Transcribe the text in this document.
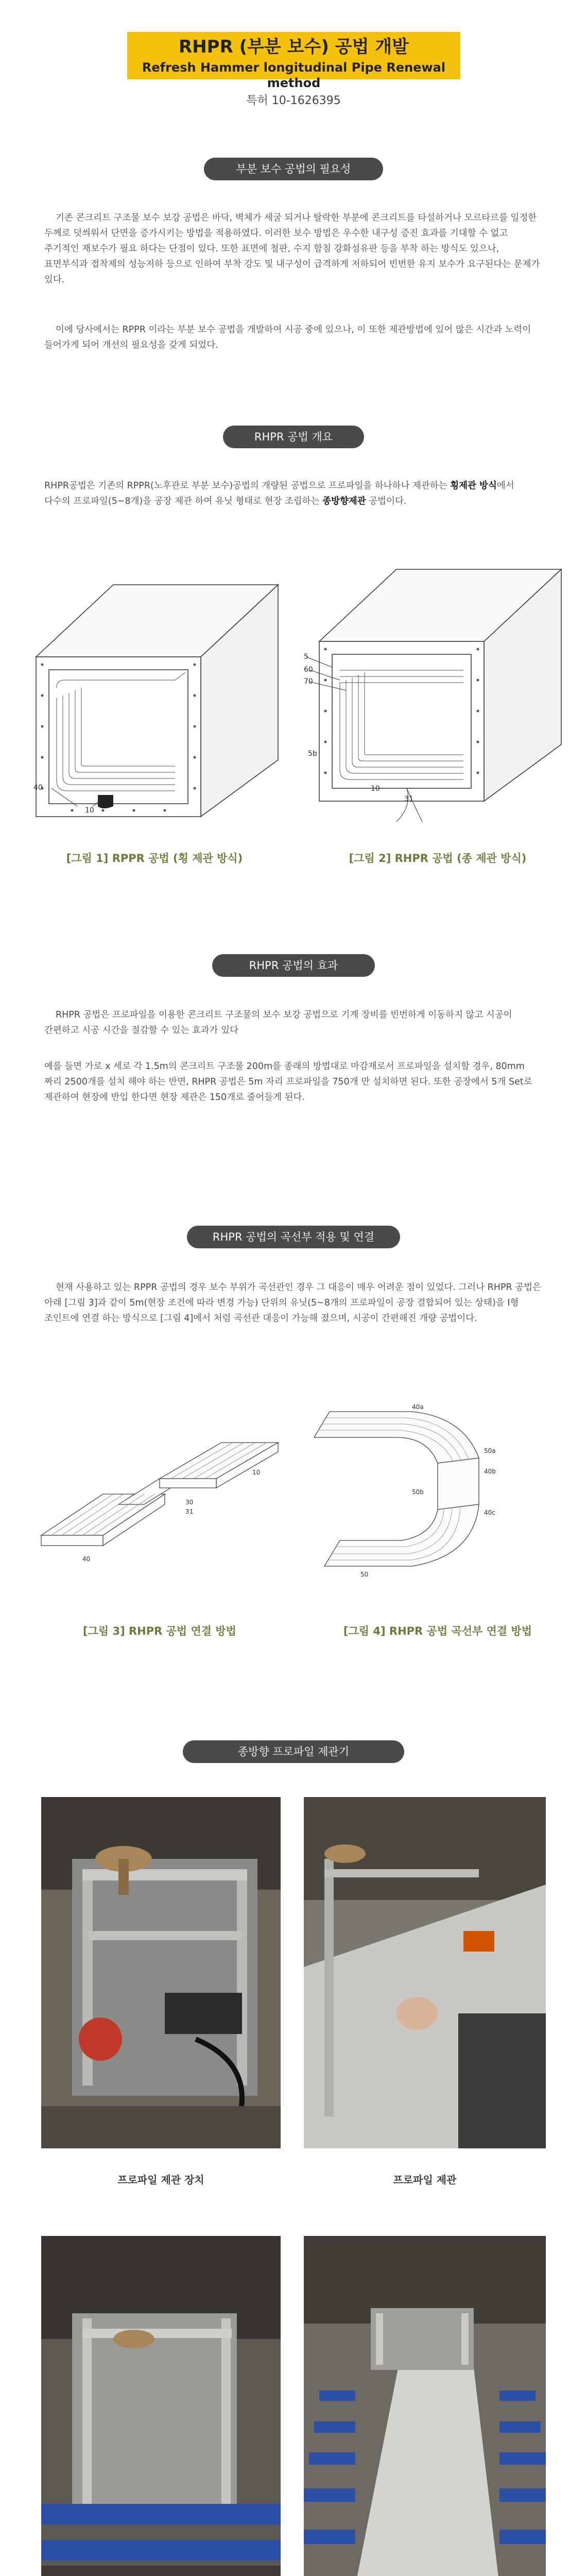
RHPR (부분 보수) 공법 개발
Refresh Hammer longitudinal Pipe Renewal method
특허 10-1626395
부분 보수 공법의 필요성
기존 콘크리트 구조물 보수 보강 공법은 바닥, 벽체가 세굴 되거나 탈락한 부분에 콘크리트를 타설하거나 모르타르를 일정한 두께로 덧씌워서 단면을 증가시키는 방법을 적용하였다. 이러한 보수 방법은 우수한 내구성 증진 효과를 기대할 수 없고 주기적인 재보수가 필요 하다는 단점이 있다. 또한 표면에 철판, 수지 함침 강화섬유판 등을 부착 하는 방식도 있으나, 표면부식과 접착제의 성능저하 등으로 인하여 부착 강도 및 내구성이 급격하게 저하되어 빈번한 유지 보수가 요구된다는 문제가 있다.
이에 당사에서는 RPPR 이라는 부분 보수 공법을 개발하여 시공 중에 있으나, 이 또한 제관방법에 있어 많은 시간과 노력이 들어가게 되어 개선의 필요성을 갖게 되었다.
RHPR 공법 개요
RHPR공법은 기존의 RPPR(노후관로 부분 보수)공법의 개량된 공법으로 프로파일을 하나하나 제관하는 횡제관 방식에서 다수의 프로파일(5~8개)을 공장 제관 하여 유닛 형태로 현장 조립하는 종방향제관 공법이다.
40
10
5
60
70
5b
10
31
[그림 1] RPPR 공법 (횡 제관 방식)	[그림 2] RHPR 공법 (종 제관 방식)
RHPR 공법의 효과
RHPR 공법은 프로파일을 이용한 콘크리트 구조물의 보수 보강 공법으로 기계 장비를 빈번하게 이동하지 않고 시공이 간편하고 시공 시간을 절감할 수 있는 효과가 있다
예를 들면 가로 x 세로 각 1.5m의 콘크리트 구조물 200m를 종래의 방법대로 마감재로서 프로파일을 설치할 경우, 80mm 짜리 2500개를 설치 해야 하는 반면, RHPR 공법은 5m 자리 프로파일을 750개 만 설치하면 된다. 또한 공장에서 5개 Set로 제관하여 현장에 반입 한다면 현장 제관은 150개로 줄어들게 된다.
RHPR 공법의 곡선부 적용 및 연결
현재 사용하고 있는 RPPR 공법의 경우 보수 부위가 곡선관인 경우 그 대응이 매우 어려운 점이 있었다. 그러나 RHPR 공법은 아래 [그림 3]과 같이 5m(현장 조건에 따라 변경 가능) 단위의 유닛(5~8개의 프로파일이 공장 결합되어 있는 상태)을 I형 조인트에 연결 하는 방식으로 [그림 4]에서 처럼 곡선관 대응이 가능해 졌으며, 시공이 간편해진 개량 공법이다.
10
30
31
40
40a
50a
40b
50b
40c
50
[그림 3] RHPR 공법 연결 방법	[그림 4] RHPR 공법 곡선부 연결 방법
종방향 프로파일 제관기
프로파일 제관 장치	프로파일 제관
